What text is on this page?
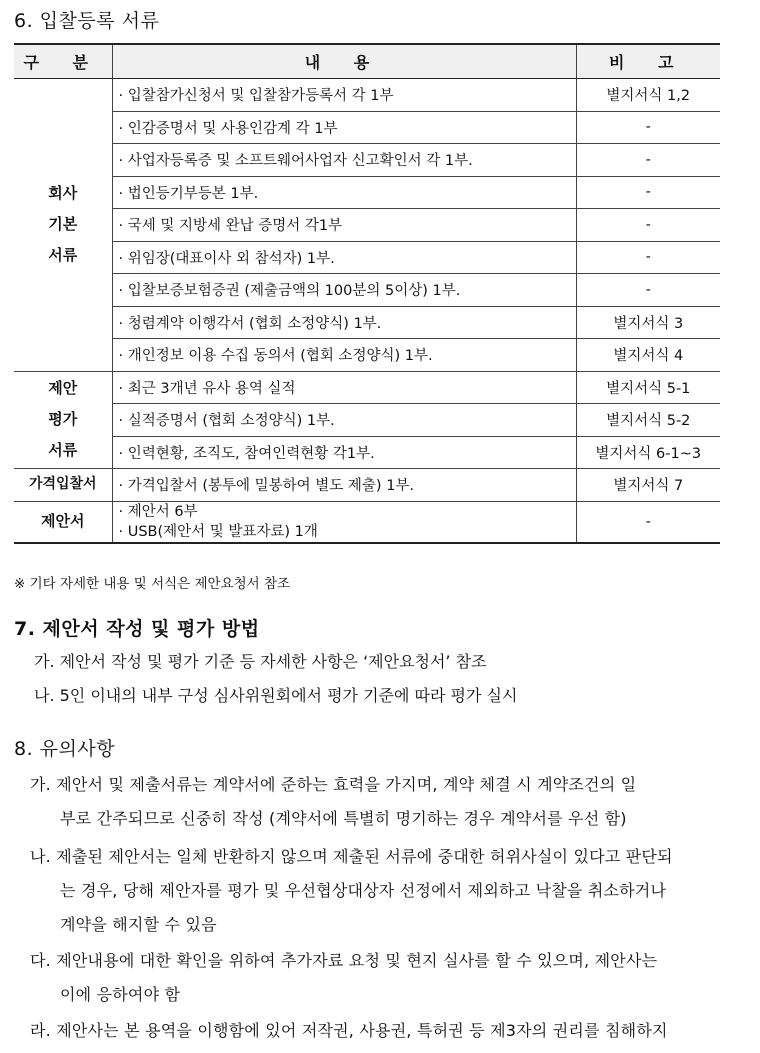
6. 입찰등록 서류
구 분	내 용	비 고

회사
기본
서류	· 입찰참가신청서 및 입찰참가등록서 각 1부	별지서식 1,2
	· 인감증명서 및 사용인감계 각 1부	-
	· 사업자등록증 및 소프트웨어사업자 신고확인서 각 1부.	-
	· 법인등기부등본 1부.	-
	· 국세 및 지방세 완납 증명서 각1부	-
	· 위임장(대표이사 외 참석자) 1부.	-
	· 입찰보증보험증권 (제출금액의 100분의 5이상) 1부.	-
	· 청렴계약 이행각서 (협회 소정양식) 1부.	별지서식 3
	· 개인정보 이용 수집 동의서 (협회 소정양식) 1부.	별지서식 4

제안
평가
서류	· 최근 3개년 유사 용역 실적	별지서식 5-1
	· 실적증명서 (협회 소정양식) 1부.	별지서식 5-2
	· 인력현황, 조직도, 참여인력현황 각1부.	별지서식 6-1~3

가격입찰서	· 가격입찰서 (봉투에 밀봉하여 별도 제출) 1부.	별지서식 7

제안서	· 제안서 6부
· USB(제안서 및 발표자료) 1개	-
※ 기타 자세한 내용 및 서식은 제안요청서 참조
7. 제안서 작성 및 평가 방법
가. 제안서 작성 및 평가 기준 등 자세한 사항은 ‘제안요청서’ 참조
나. 5인 이내의 내부 구성 심사위원회에서 평가 기준에 따라 평가 실시
8. 유의사항
가. 제안서 및 제출서류는 계약서에 준하는 효력을 가지며, 계약 체결 시 계약조건의 일
부로 간주되므로 신중히 작성 (계약서에 특별히 명기하는 경우 계약서를 우선 함)
나. 제출된 제안서는 일체 반환하지 않으며 제출된 서류에 중대한 허위사실이 있다고 판단되
는 경우, 당해 제안자를 평가 및 우선협상대상자 선정에서 제외하고 낙찰을 취소하거나
계약을 해지할 수 있음
다. 제안내용에 대한 확인을 위하여 추가자료 요청 및 현지 실사를 할 수 있으며, 제안사는
이에 응하여야 함
라. 제안사는 본 용역을 이행함에 있어 저작권, 사용권, 특허권 등 제3자의 권리를 침해하지
